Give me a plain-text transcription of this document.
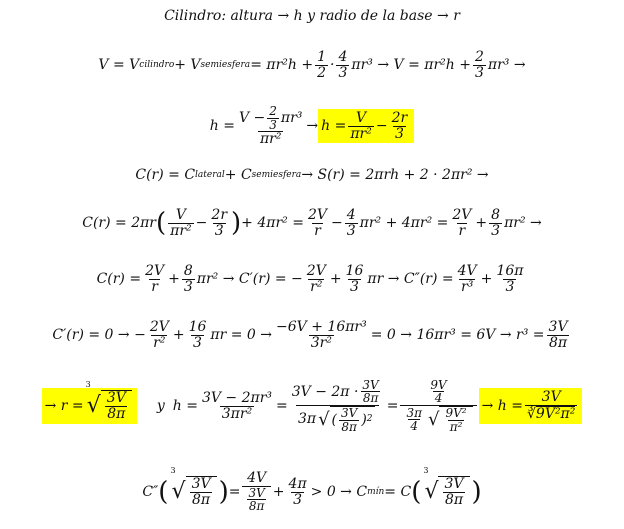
Cilindro: altura → h y radio de la base → r
V = V cilindro + V semiesfera = $\pi r^2h + \frac{1}{2} \cdot \frac{4}{3} \pi r^3 \to V = \pi r^2h + \frac{2}{3} \pi r^3$ →
$h = \frac{V - \frac{2}{3} \pi r^3}{\text{πr²}} \to h = \frac{V}{\text{πr²}} - \frac{2r}{3}$
C(r) = C lateral + C semiesfera → S(r) = 2πrh + 2 · 2πr² →
C(r) = 2πr ( V
$\pi r^2 - \frac{2r}{3}$ ) + $4\pi r^2 = \frac{2V}{r} - \frac{4}{3} \pi r^2 + 4\pi r^2 = \frac{2V}{r} + \frac{8}{3} \pi r^2$ →
$C(r) = \frac{2V}{r} + \frac{8}{3} \pi r^2 \to C'(r)$ = − $\frac{2V}{\text{r²}} + \frac{16}{3}$ $\pi r \to C''(r) = \frac{4V}{\text{r³}} + \frac{16\pi}{3}$
C′(r) = 0 → − $\frac{2V}{\text{r²}} + \frac{16}{3}$ $\pi r = 0 \to \frac{\text{−6V + 16πr³}}{\text{3r²}} = 0 \to 16\pi r^3 = 6V \to r^3 = \frac{3V}{8\pi}$
→ r =
3
√ 3V
8π y $h = \frac{\text{3V − 2πr³}}{\text{3πr²}} = 3V - 2\pi \cdot 3V$
8π
3π √ ( 3V
8π ) $2 = \frac{9V}{4}$
3π
4 √ 9V²
$\pi^2 \to h = \frac{3V}{\text{∛ 9V²π²}}$
C″ (
3
√ 3V
8π ) = $\frac{4V}{\frac{3V}{8\pi}} + \frac{4\pi}{3} > 0 \to C$ mín = C (
3
√ 3V
8π )
